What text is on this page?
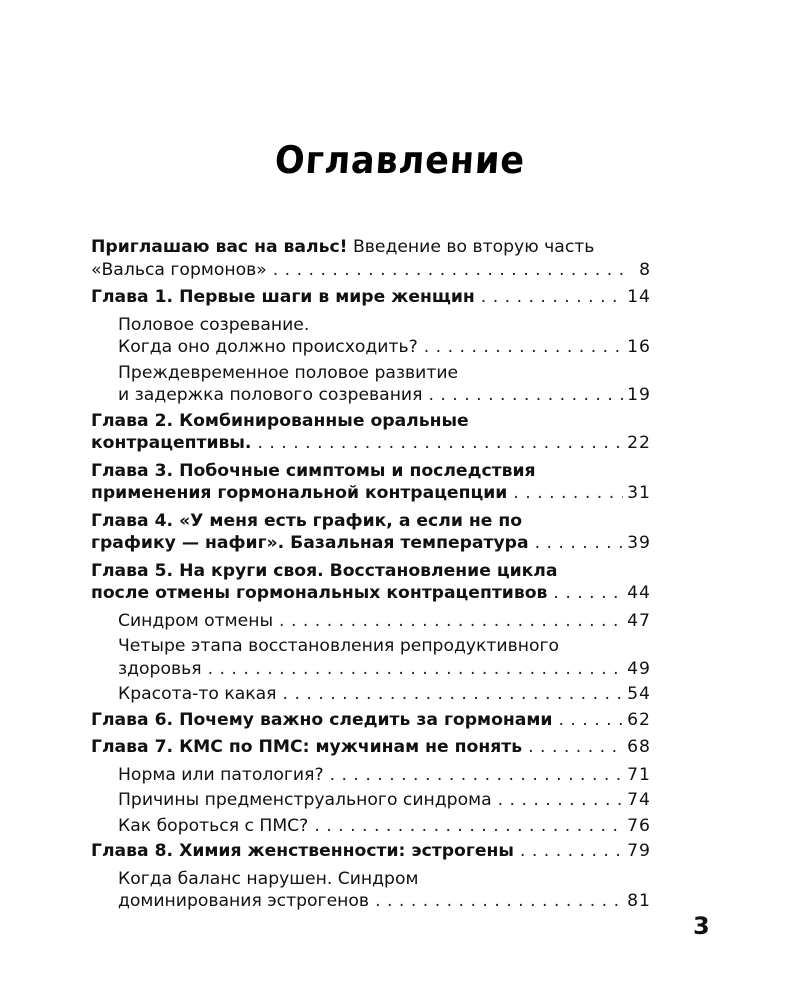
Оглавление
Приглашаю вас на вальс! Введение во вторую часть
«Вальса гормонов» . . .	8
Глава 1. Первые шаги в мире женщин . . .	14
Половое созревание.
Когда оно должно происходить? . . .	16
Преждевременное половое развитие
и задержка полового созревания . . .	19
Глава 2. Комбинированные оральные
контрацептивы. . . .	22
Глава 3. Побочные симптомы и последствия
применения гормональной контрацепции . . .	31
Глава 4. «У меня есть график, а если не по
графику — нафиг». Базальная температура . . .	39
Глава 5. На круги своя. Восстановление цикла
после отмены гормональных контрацептивов . . .	44
Синдром отмены . . .	47
Четыре этапа восстановления репродуктивного
здоровья . . .	49
Красота-то какая . . .	54
Глава 6. Почему важно следить за гормонами . . .	62
Глава 7. КМС по ПМС: мужчинам не понять . . .	68
Норма или патология? . . .	71
Причины предменструального синдрома . . .	74
Как бороться с ПМС? . . .	76
Глава 8. Химия женственности: эстрогены . . .	79
Когда баланс нарушен. Синдром
доминирования эстрогенов . . .	81
3
